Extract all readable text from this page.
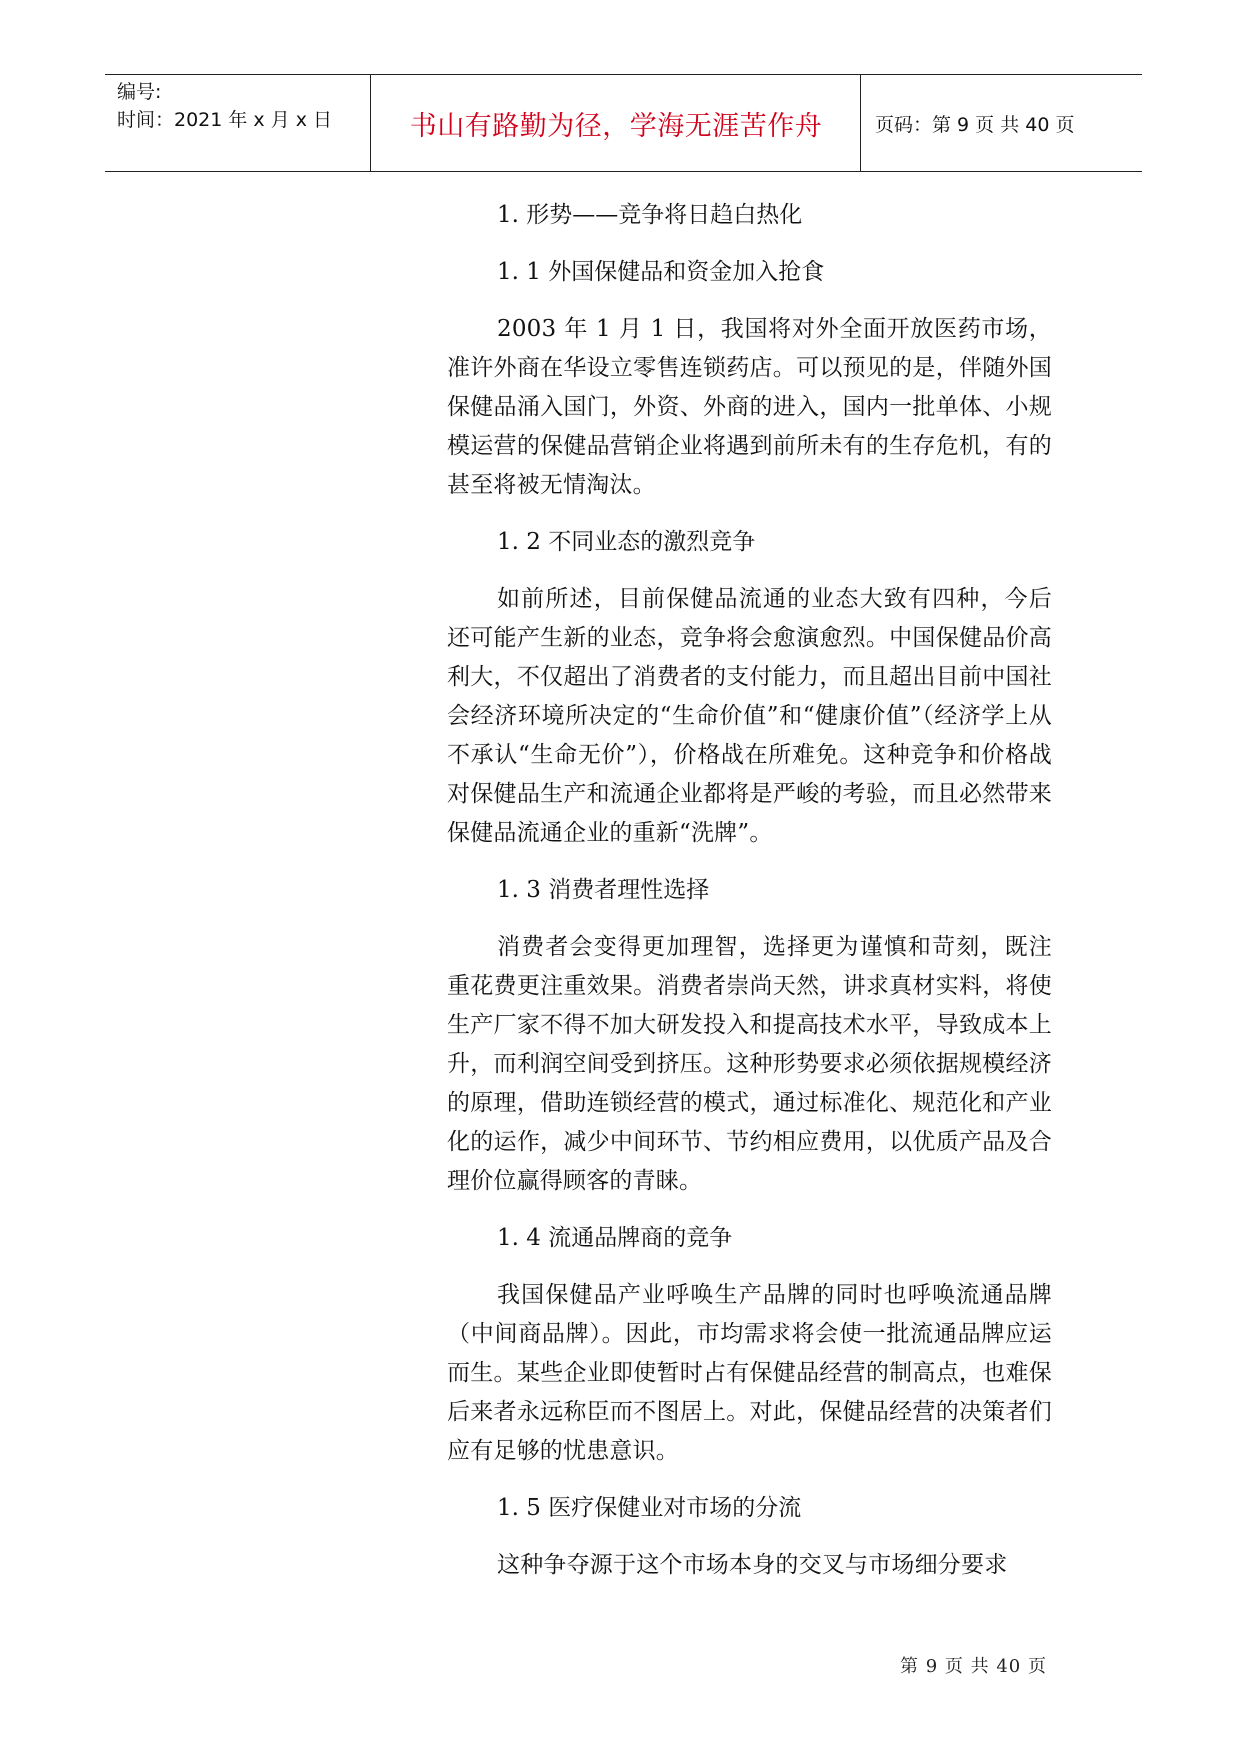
编号:
时间：2021 年 x 月 x 日	书山有路勤为径，学海无涯苦作舟	页码：第 9 页 共 40 页
1. 形势——竞争将日趋白热化
1. 1 外国保健品和资金加入抢食
2003 年 1 月 1 日，我国将对外全面开放医药市场，准许外商在华设立零售连锁药店。可以预见的是，伴随外国保健品涌入国门，外资、外商的进入，国内一批单体、小规模运营的保健品营销企业将遇到前所未有的生存危机，有的甚至将被无情淘汰。
1. 2 不同业态的激烈竞争
如前所述，目前保健品流通的业态大致有四种，今后还可能产生新的业态，竞争将会愈演愈烈。中国保健品价高利大，不仅超出了消费者的支付能力，而且超出目前中国社会经济环境所决定的“生命价值”和“健康价值”（经济学上从不承认“生命无价”），价格战在所难免。这种竞争和价格战对保健品生产和流通企业都将是严峻的考验，而且必然带来保健品流通企业的重新“洗牌”。
1. 3 消费者理性选择
消费者会变得更加理智，选择更为谨慎和苛刻，既注重花费更注重效果。消费者崇尚天然，讲求真材实料，将使生产厂家不得不加大研发投入和提高技术水平，导致成本上升，而利润空间受到挤压。这种形势要求必须依据规模经济的原理，借助连锁经营的模式，通过标准化、规范化和产业化的运作，减少中间环节、节约相应费用，以优质产品及合理价位赢得顾客的青睐。
1. 4 流通品牌商的竞争
我国保健品产业呼唤生产品牌的同时也呼唤流通品牌（中间商品牌）。因此，市均需求将会使一批流通品牌应运而生。某些企业即使暂时占有保健品经营的制高点，也难保后来者永远称臣而不图居上。对此，保健品经营的决策者们应有足够的忧患意识。
1. 5 医疗保健业对市场的分流
这种争夺源于这个市场本身的交叉与市场细分要求
第 9 页 共 40 页
